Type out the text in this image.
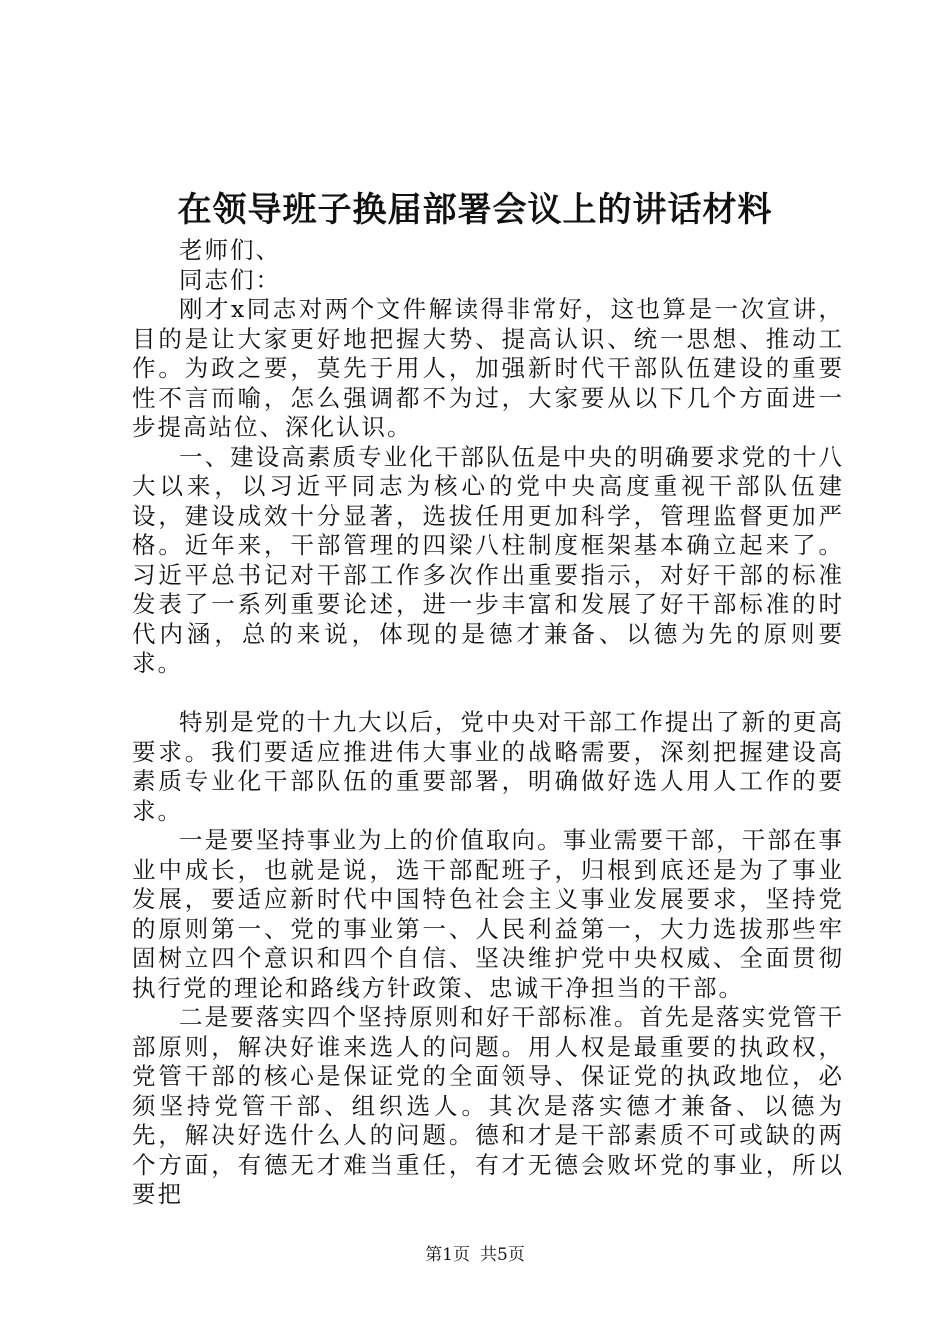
在领导班子换届部署会议上的讲话材料

老师们、

同志们：

刚才x同志对两个文件解读得非常好，这也算是一次宣讲，目的是让大家更好地把握大势、提高认识、统一思想、推动工作。为政之要，莫先于用人，加强新时代干部队伍建设的重要性不言而喻，怎么强调都不为过，大家要从以下几个方面进一步提高站位、深化认识。

一、建设高素质专业化干部队伍是中央的明确要求党的十八大以来，以习近平同志为核心的党中央高度重视干部队伍建设，建设成效十分显著，选拔任用更加科学，管理监督更加严格。近年来，干部管理的四梁八柱制度框架基本确立起来了。习近平总书记对干部工作多次作出重要指示，对好干部的标准发表了一系列重要论述，进一步丰富和发展了好干部标准的时代内涵，总的来说，体现的是德才兼备、以德为先的原则要求。

特别是党的十九大以后，党中央对干部工作提出了新的更高要求。我们要适应推进伟大事业的战略需要，深刻把握建设高素质专业化干部队伍的重要部署，明确做好选人用人工作的要求。

一是要坚持事业为上的价值取向。事业需要干部，干部在事业中成长，也就是说，选干部配班子，归根到底还是为了事业发展，要适应新时代中国特色社会主义事业发展要求，坚持党的原则第一、党的事业第一、人民利益第一，大力选拔那些牢固树立四个意识和四个自信、坚决维护党中央权威、全面贯彻执行党的理论和路线方针政策、忠诚干净担当的干部。

二是要落实四个坚持原则和好干部标准。首先是落实党管干部原则，解决好谁来选人的问题。用人权是最重要的执政权，党管干部的核心是保证党的全面领导、保证党的执政地位，必须坚持党管干部、组织选人。其次是落实德才兼备、以德为先，解决好选什么人的问题。德和才是干部素质不可或缺的两个方面，有德无才难当重任，有才无德会败坏党的事业，所以要把

第1页 共5页
